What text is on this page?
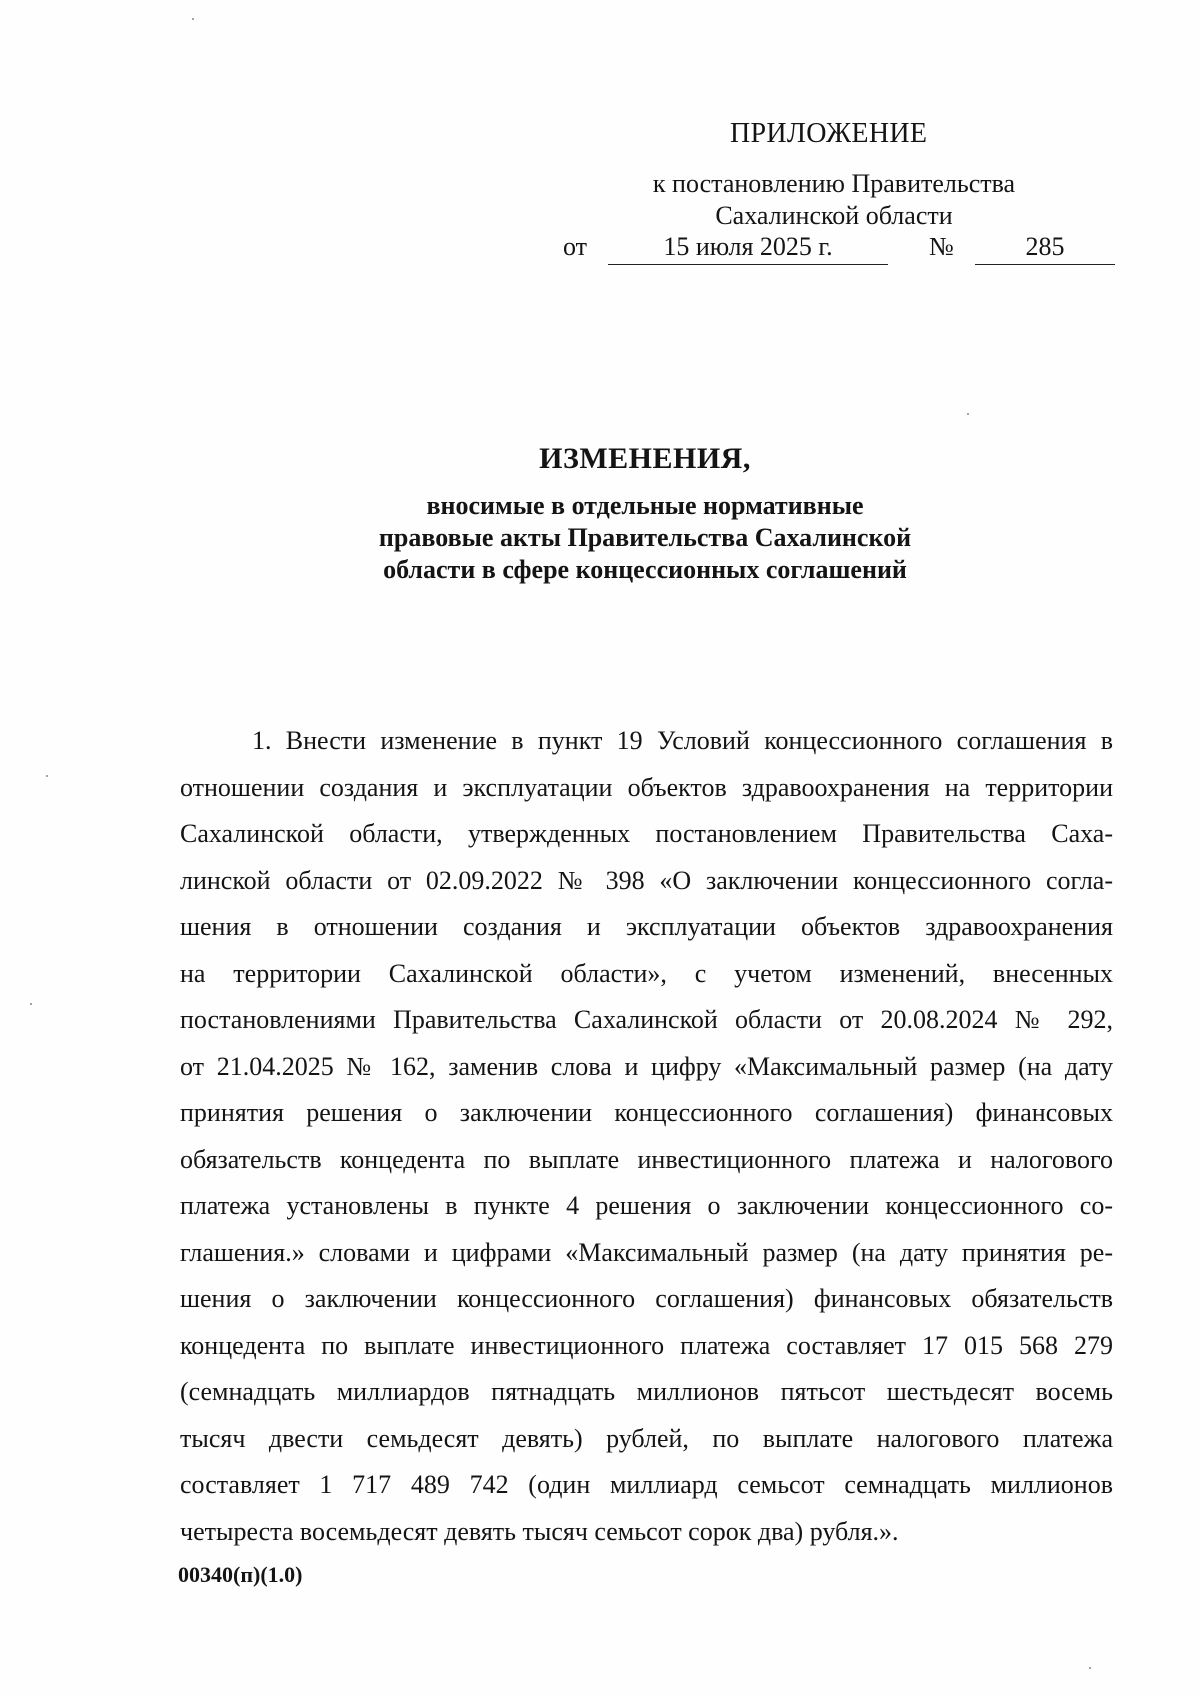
ПРИЛОЖЕНИЕ
к постановлению Правительства
Сахалинской области
от	15 июля 2025 г.	№	285
ИЗМЕНЕНИЯ,
вносимые в отдельные нормативные
правовые акты Правительства Сахалинской
области в сфере концессионных соглашений
1. Внести изменение в пункт 19 Условий концессионного соглашения в
отношении создания и эксплуатации объектов здравоохранения на территории
Сахалинской области, утвержденных постановлением Правительства Саха-
линской области от 02.09.2022 № 398 «О заключении концессионного согла-
шения в отношении создания и эксплуатации объектов здравоохранения
на территории Сахалинской области», с учетом изменений, внесенных
постановлениями Правительства Сахалинской области от 20.08.2024 № 292,
от 21.04.2025 № 162, заменив слова и цифру «Максимальный размер (на дату
принятия решения о заключении концессионного соглашения) финансовых
обязательств концедента по выплате инвестиционного платежа и налогового
платежа установлены в пункте 4 решения о заключении концессионного со-
глашения.» словами и цифрами «Максимальный размер (на дату принятия ре-
шения о заключении концессионного соглашения) финансовых обязательств
концедента по выплате инвестиционного платежа составляет 17 015 568 279
(семнадцать миллиардов пятнадцать миллионов пятьсот шестьдесят восемь
тысяч двести семьдесят девять) рублей, по выплате налогового платежа
составляет 1 717 489 742 (один миллиард семьсот семнадцать миллионов
четыреста восемьдесят девять тысяч семьсот сорок два) рубля.».
00340(п)(1.0)
